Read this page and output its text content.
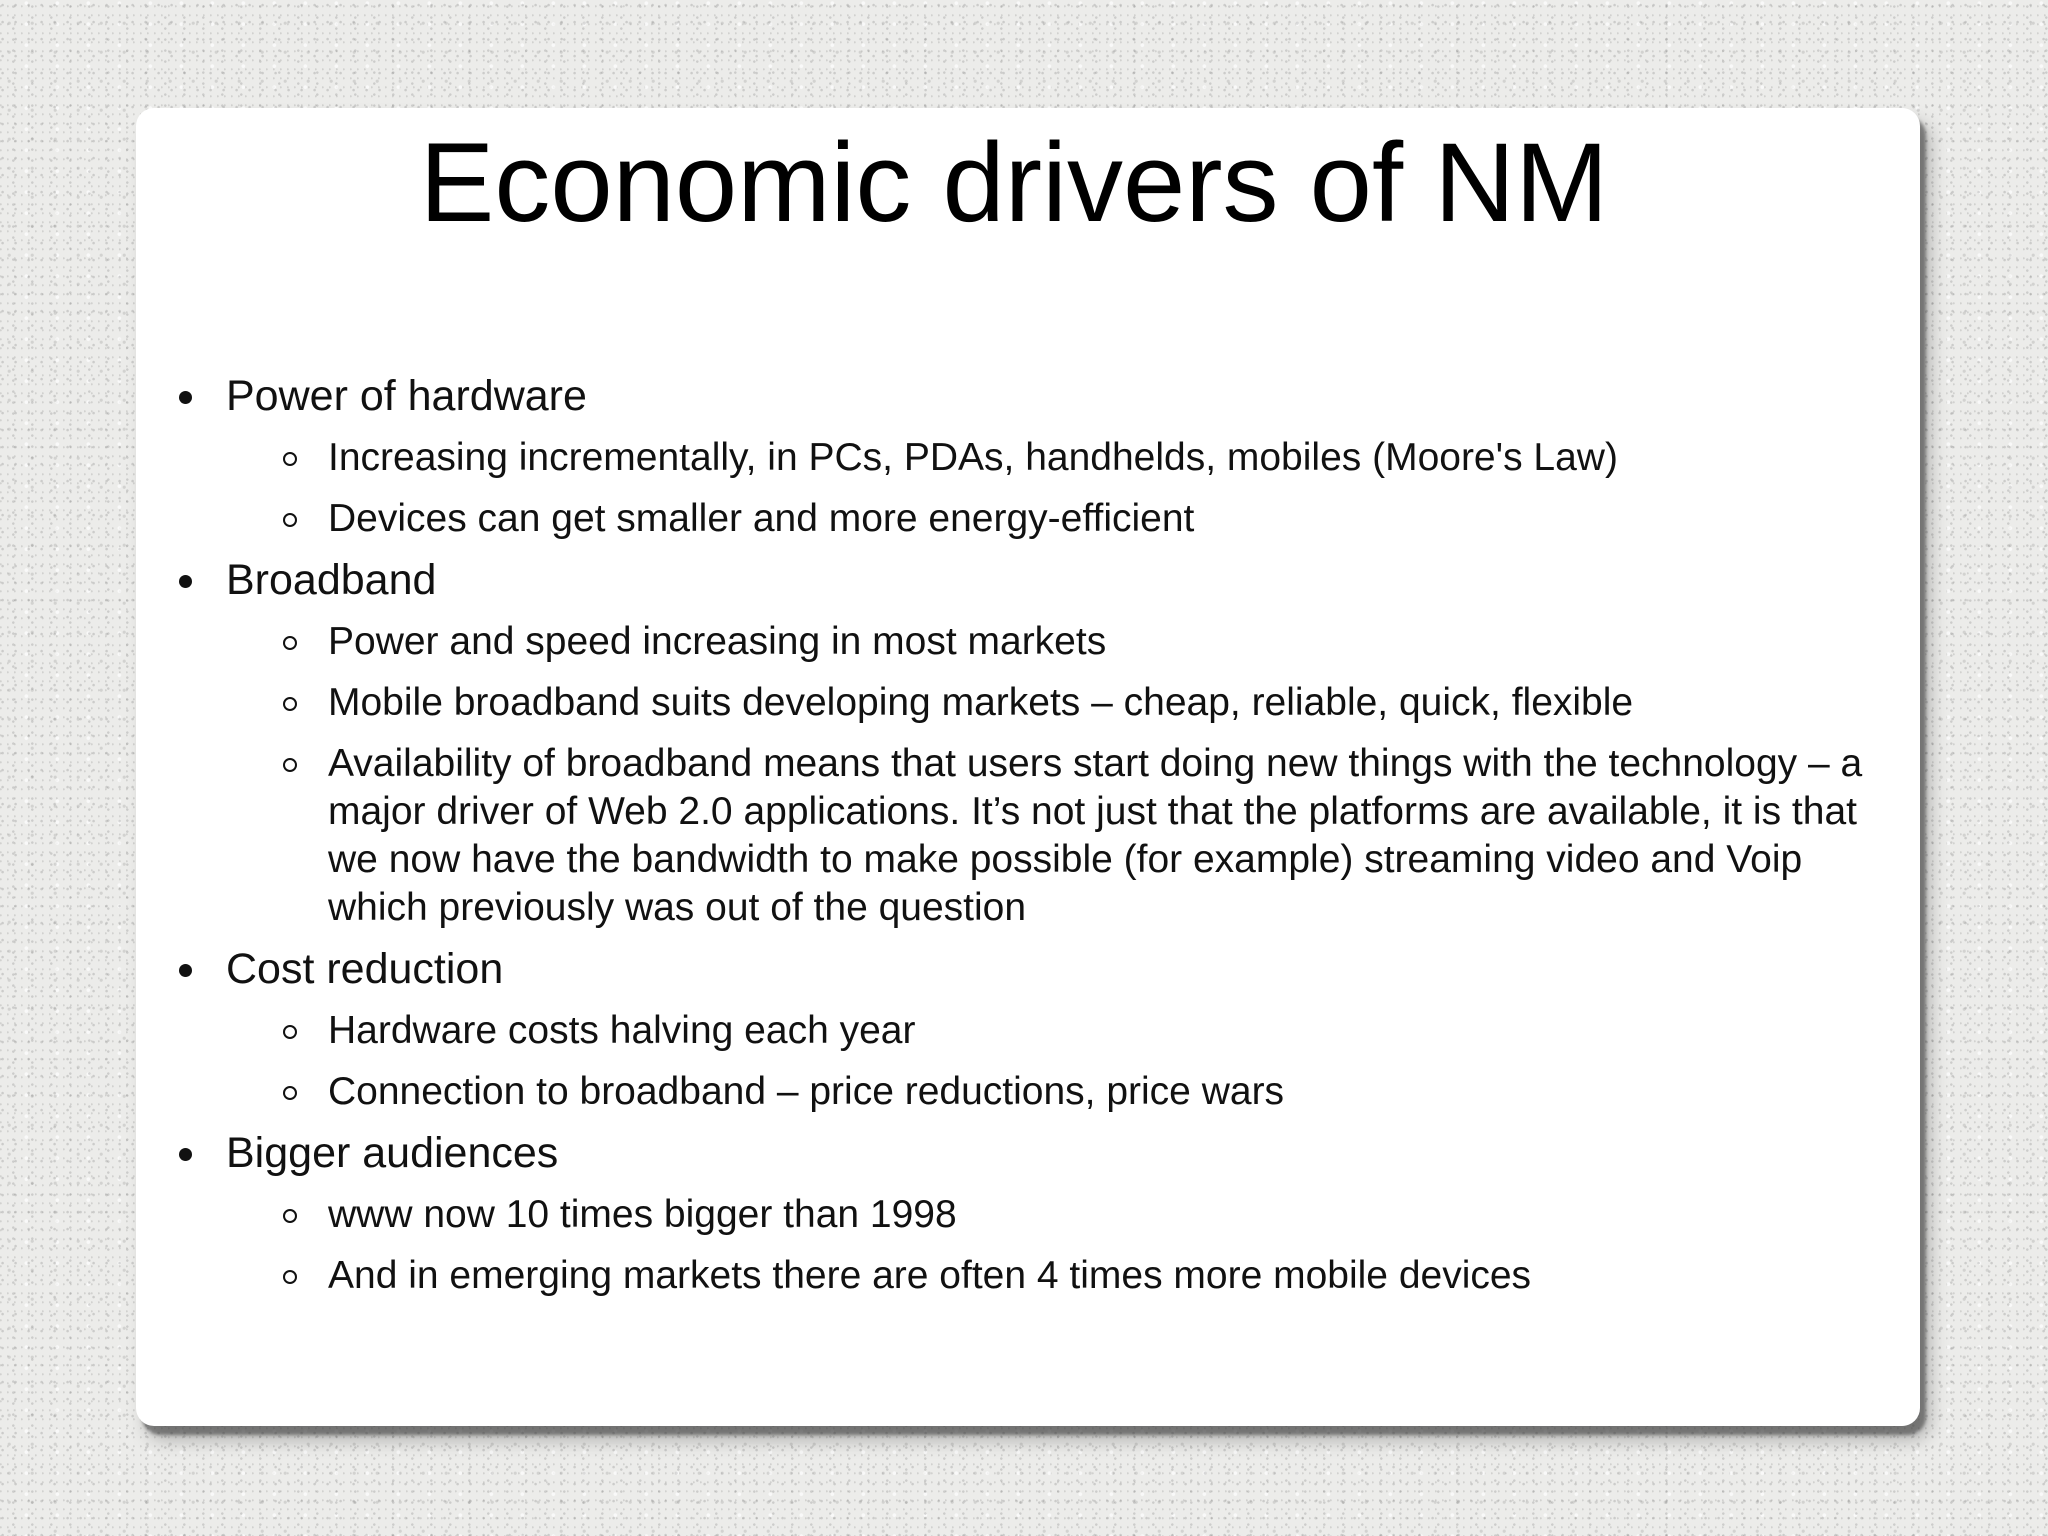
Economic drivers of NM
Power of hardware
Increasing incrementally, in PCs, PDAs, handhelds, mobiles (Moore's Law)
Devices can get smaller and more energy-efficient
Broadband
Power and speed increasing in most markets
Mobile broadband suits developing markets – cheap, reliable, quick, flexible
Availability of broadband means that users start doing new things with the technology – a major driver of Web 2.0 applications. It’s not just that the platforms are available, it is that we now have the bandwidth to make possible (for example) streaming video and Voip which previously was out of the question
Cost reduction
Hardware costs halving each year
Connection to broadband – price reductions, price wars
Bigger audiences
www now 10 times bigger than 1998
And in emerging markets there are often 4 times more mobile devices
